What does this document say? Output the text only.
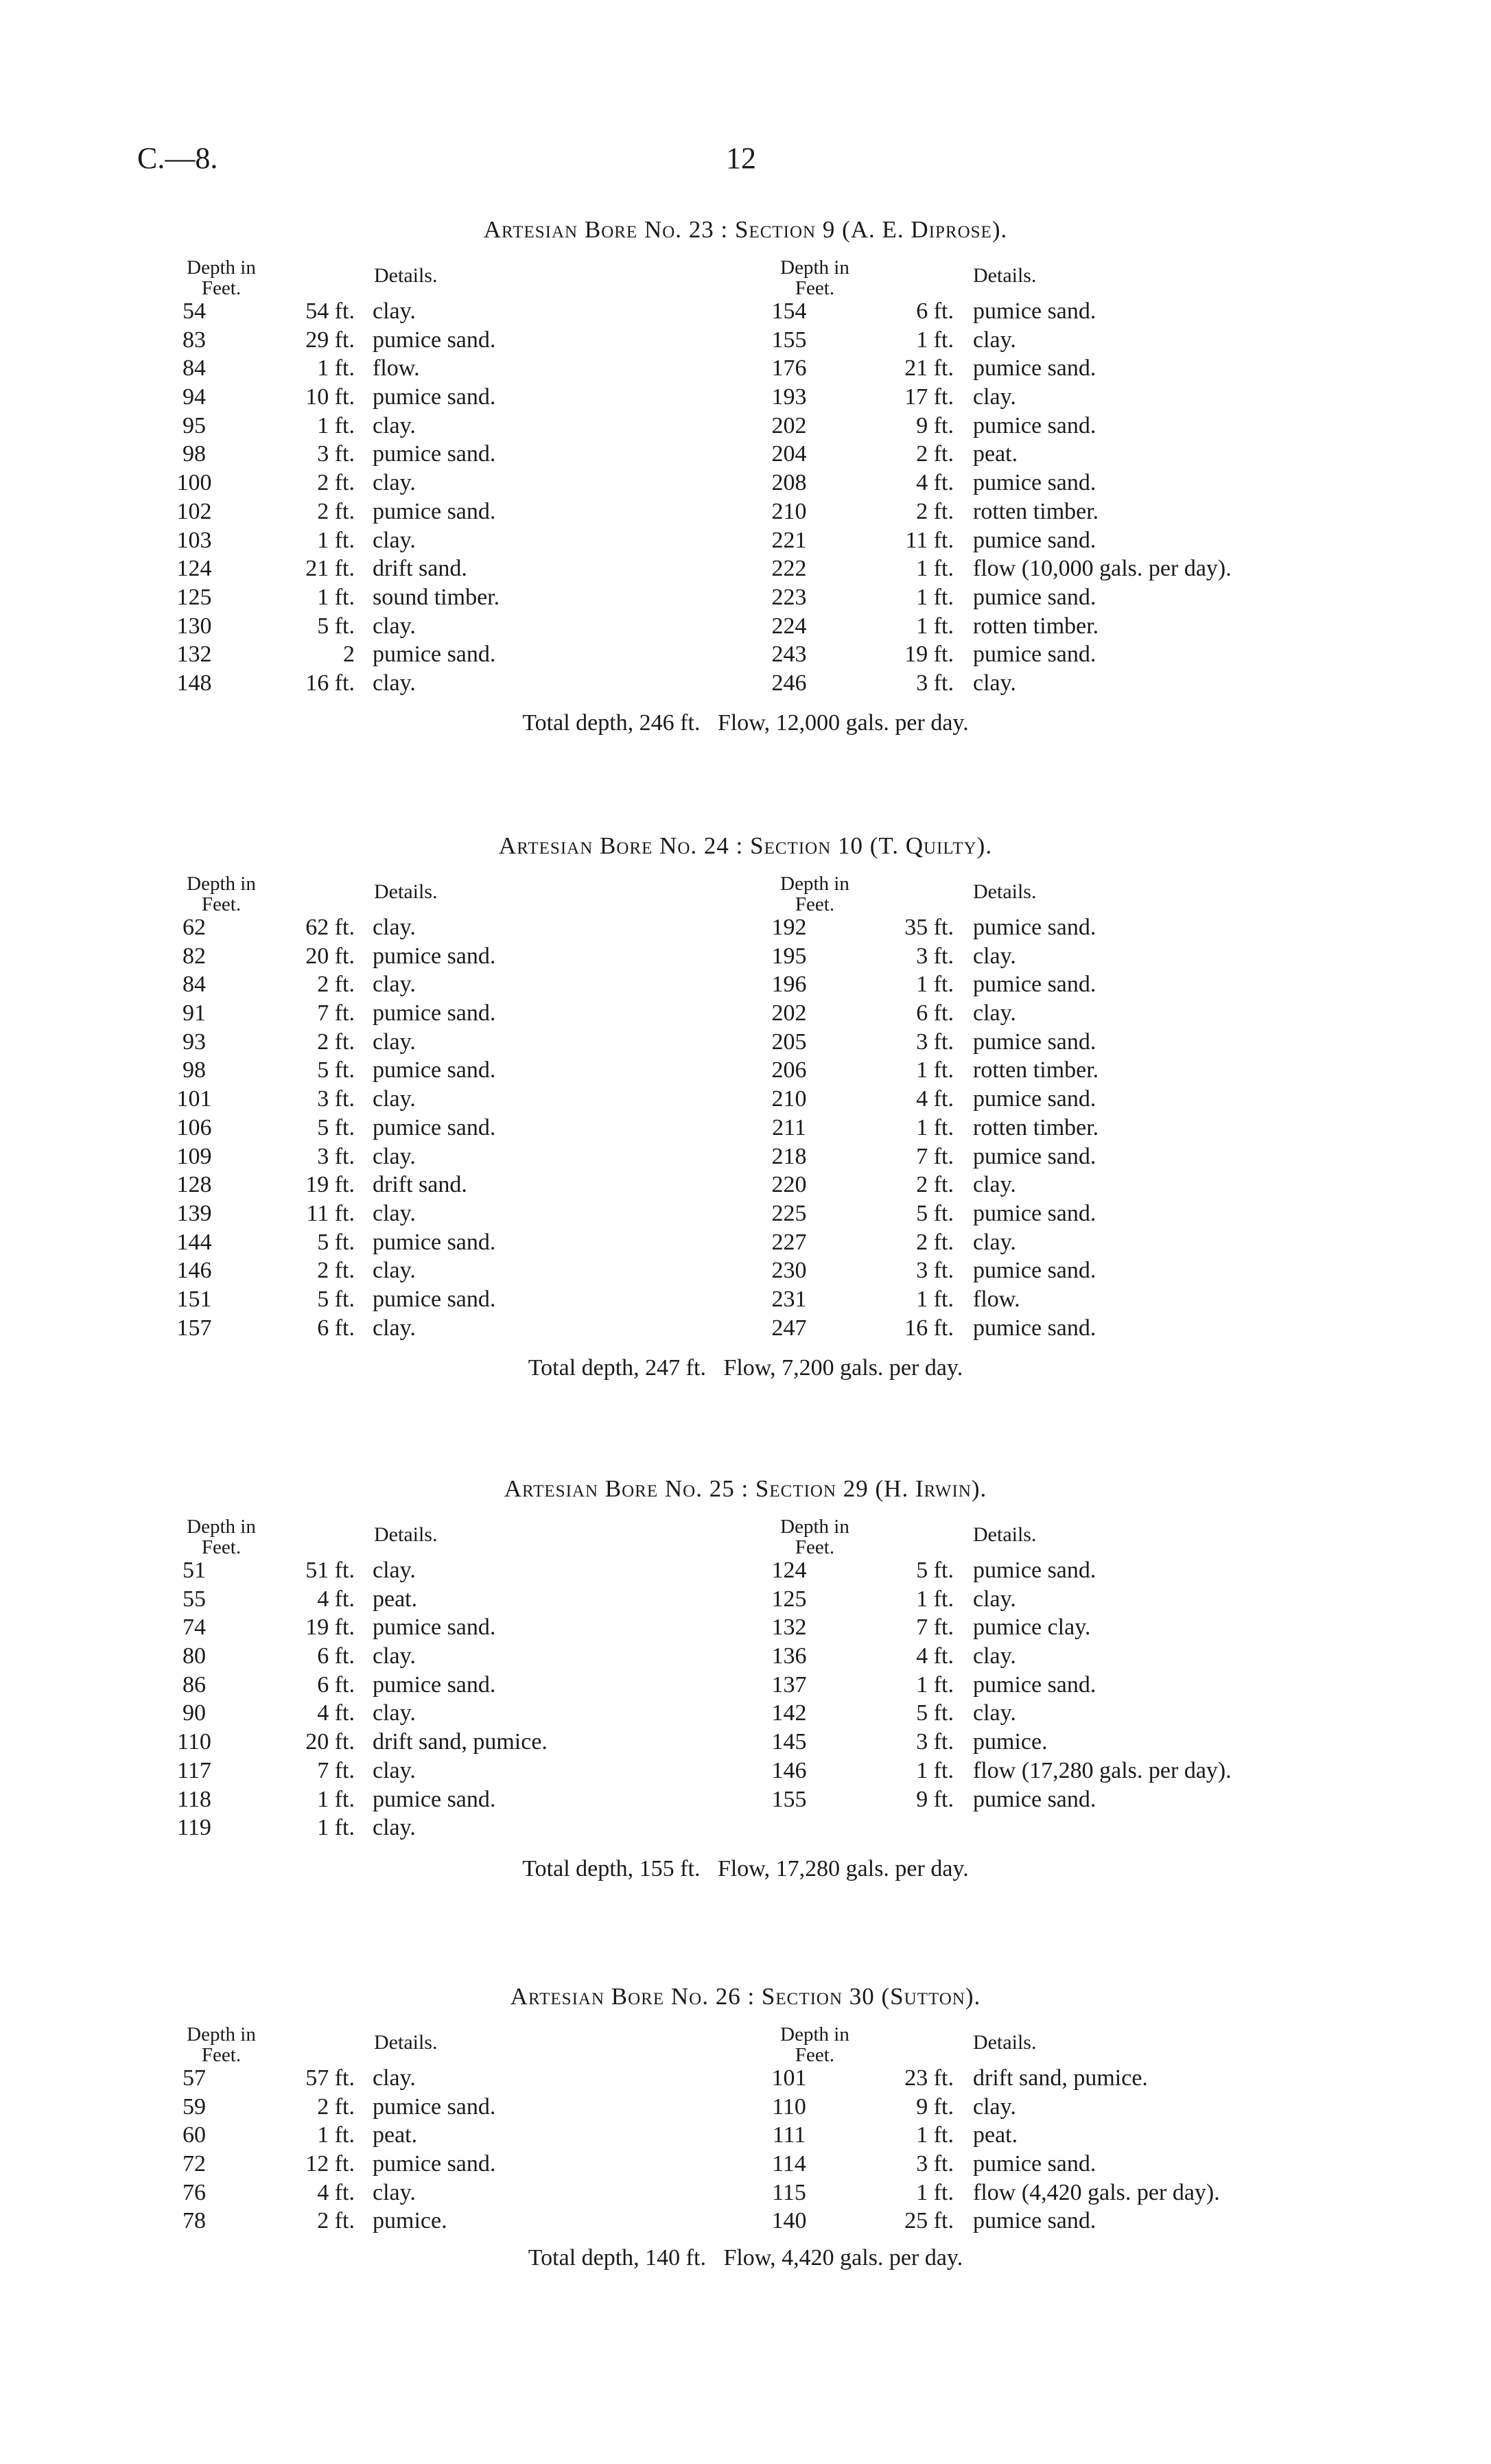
C.—8.	12
Artesian Bore No. 23 : Section 9 (A. E. Diprose).
Depth in Feet.
Details.
54	54 ft. clay.
83	29 ft. pumice sand.
84	1 ft. flow.
94	10 ft. pumice sand.
95	1 ft. clay.
98	3 ft. pumice sand.
100	2 ft. clay.
102	2 ft. pumice sand.
103	1 ft. clay.
124	21 ft. drift sand.
125	1 ft. sound timber.
130	5 ft. clay.
132	2 pumice sand.
148	16 ft. clay.
Depth in Feet.
Details.
154	6 ft. pumice sand.
155	1 ft. clay.
176	21 ft. pumice sand.
193	17 ft. clay.
202	9 ft. pumice sand.
204	2 ft. peat.
208	4 ft. pumice sand.
210	2 ft. rotten timber.
221	11 ft. pumice sand.
222	1 ft. flow (10,000 gals. per day).
223	1 ft. pumice sand.
224	1 ft. rotten timber.
243	19 ft. pumice sand.
246	3 ft. clay.
Total depth, 246 ft.   Flow, 12,000 gals. per day.
Artesian Bore No. 24 : Section 10 (T. Quilty).
Depth in Feet.
Details.
62	62 ft. clay.
82	20 ft. pumice sand.
84	2 ft. clay.
91	7 ft. pumice sand.
93	2 ft. clay.
98	5 ft. pumice sand.
101	3 ft. clay.
106	5 ft. pumice sand.
109	3 ft. clay.
128	19 ft. drift sand.
139	11 ft. clay.
144	5 ft. pumice sand.
146	2 ft. clay.
151	5 ft. pumice sand.
157	6 ft. clay.
Depth in Feet.
Details.
192	35 ft. pumice sand.
195	3 ft. clay.
196	1 ft. pumice sand.
202	6 ft. clay.
205	3 ft. pumice sand.
206	1 ft. rotten timber.
210	4 ft. pumice sand.
211	1 ft. rotten timber.
218	7 ft. pumice sand.
220	2 ft. clay.
225	5 ft. pumice sand.
227	2 ft. clay.
230	3 ft. pumice sand.
231	1 ft. flow.
247	16 ft. pumice sand.
Total depth, 247 ft.   Flow, 7,200 gals. per day.
Artesian Bore No. 25 : Section 29 (H. Irwin).
Depth in Feet.
Details.
51	51 ft. clay.
55	4 ft. peat.
74	19 ft. pumice sand.
80	6 ft. clay.
86	6 ft. pumice sand.
90	4 ft. clay.
110	20 ft. drift sand, pumice.
117	7 ft. clay.
118	1 ft. pumice sand.
119	1 ft. clay.
Depth in Feet.
Details.
124	5 ft. pumice sand.
125	1 ft. clay.
132	7 ft. pumice clay.
136	4 ft. clay.
137	1 ft. pumice sand.
142	5 ft. clay.
145	3 ft. pumice.
146	1 ft. flow (17,280 gals. per day).
155	9 ft. pumice sand.
Total depth, 155 ft.   Flow, 17,280 gals. per day.
Artesian Bore No. 26 : Section 30 (Sutton).
Depth in Feet.
Details.
57	57 ft. clay.
59	2 ft. pumice sand.
60	1 ft. peat.
72	12 ft. pumice sand.
76	4 ft. clay.
78	2 ft. pumice.
Depth in Feet.
Details.
101	23 ft. drift sand, pumice.
110	9 ft. clay.
111	1 ft. peat.
114	3 ft. pumice sand.
115	1 ft. flow (4,420 gals. per day).
140	25 ft. pumice sand.
Total depth, 140 ft.   Flow, 4,420 gals. per day.
